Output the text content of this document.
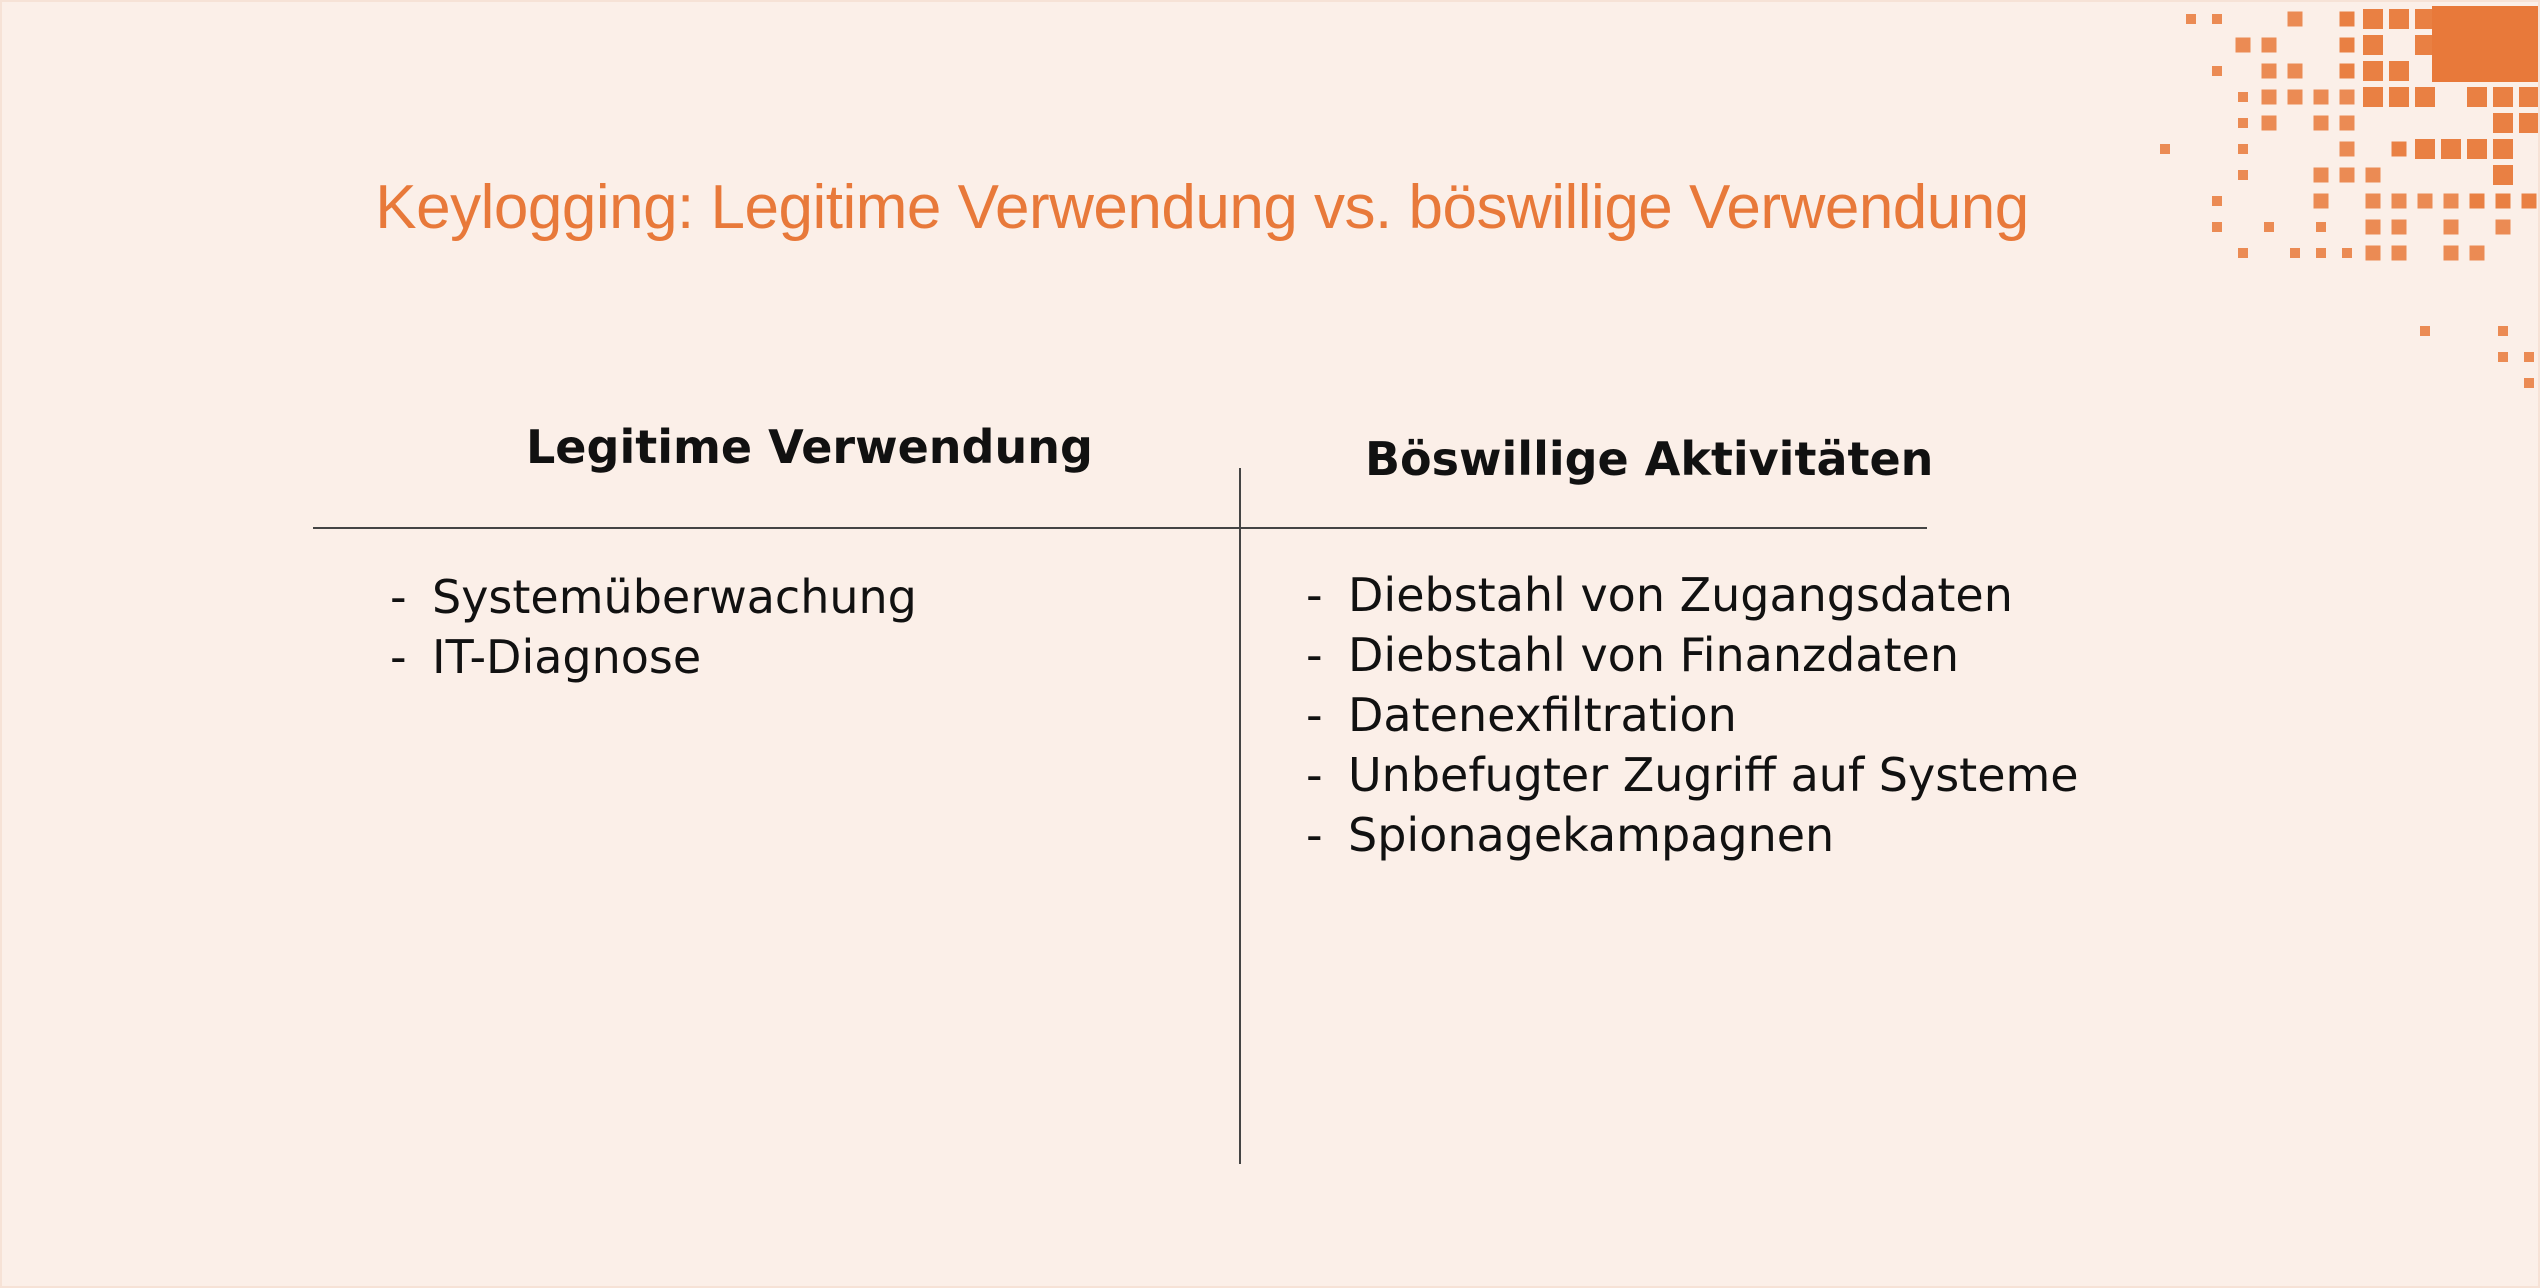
Keylogging: Legitime Verwendung vs. böswillige Verwendung
Legitime Verwendung	Böswillige Aktivitäten
- Systemüberwachung
- IT-Diagnose
- Diebstahl von Zugangsdaten
- Diebstahl von Finanzdaten
- Datenexfiltration
- Unbefugter Zugriff auf Systeme
- Spionagekampagnen
